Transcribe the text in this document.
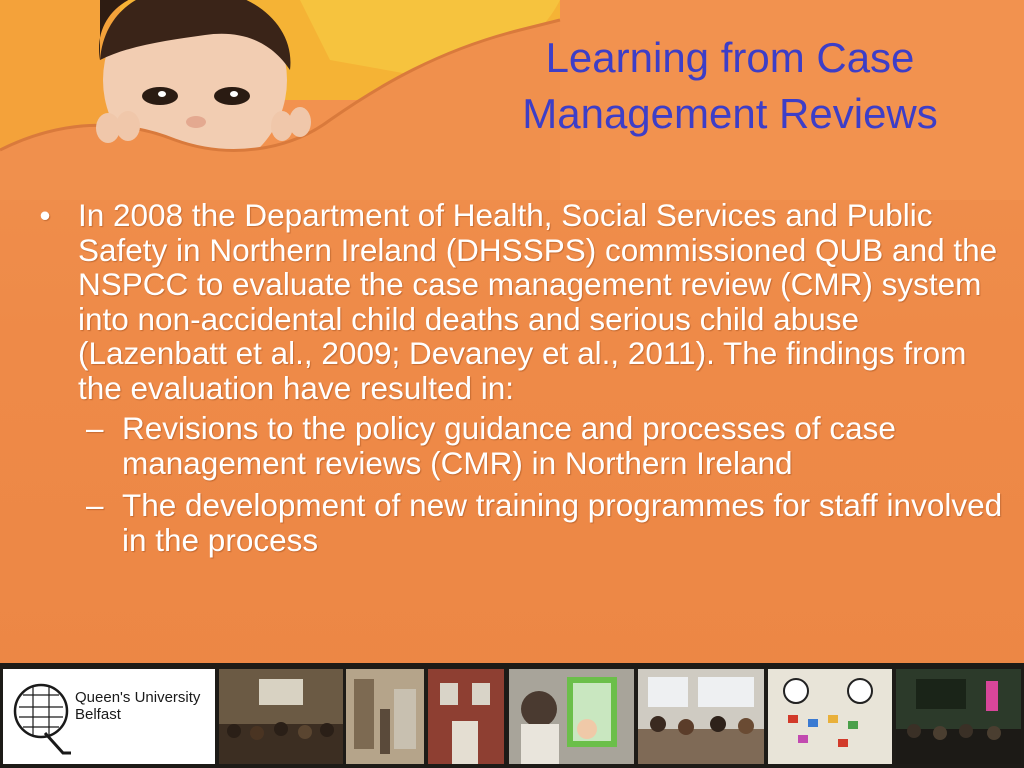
Learning from Case
Management Reviews
• In 2008 the Department of Health, Social Services and Public Safety in Northern Ireland (DHSSPS) commissioned QUB and the NSPCC to evaluate the case management review (CMR) system into non-accidental child deaths and serious child abuse (Lazenbatt et al., 2009; Devaney et al., 2011). The findings from the evaluation have resulted in:
– Revisions to the policy guidance and processes of case management reviews (CMR) in Northern Ireland
– The development of new training programmes for staff involved in the process
Queen's University
Belfast
